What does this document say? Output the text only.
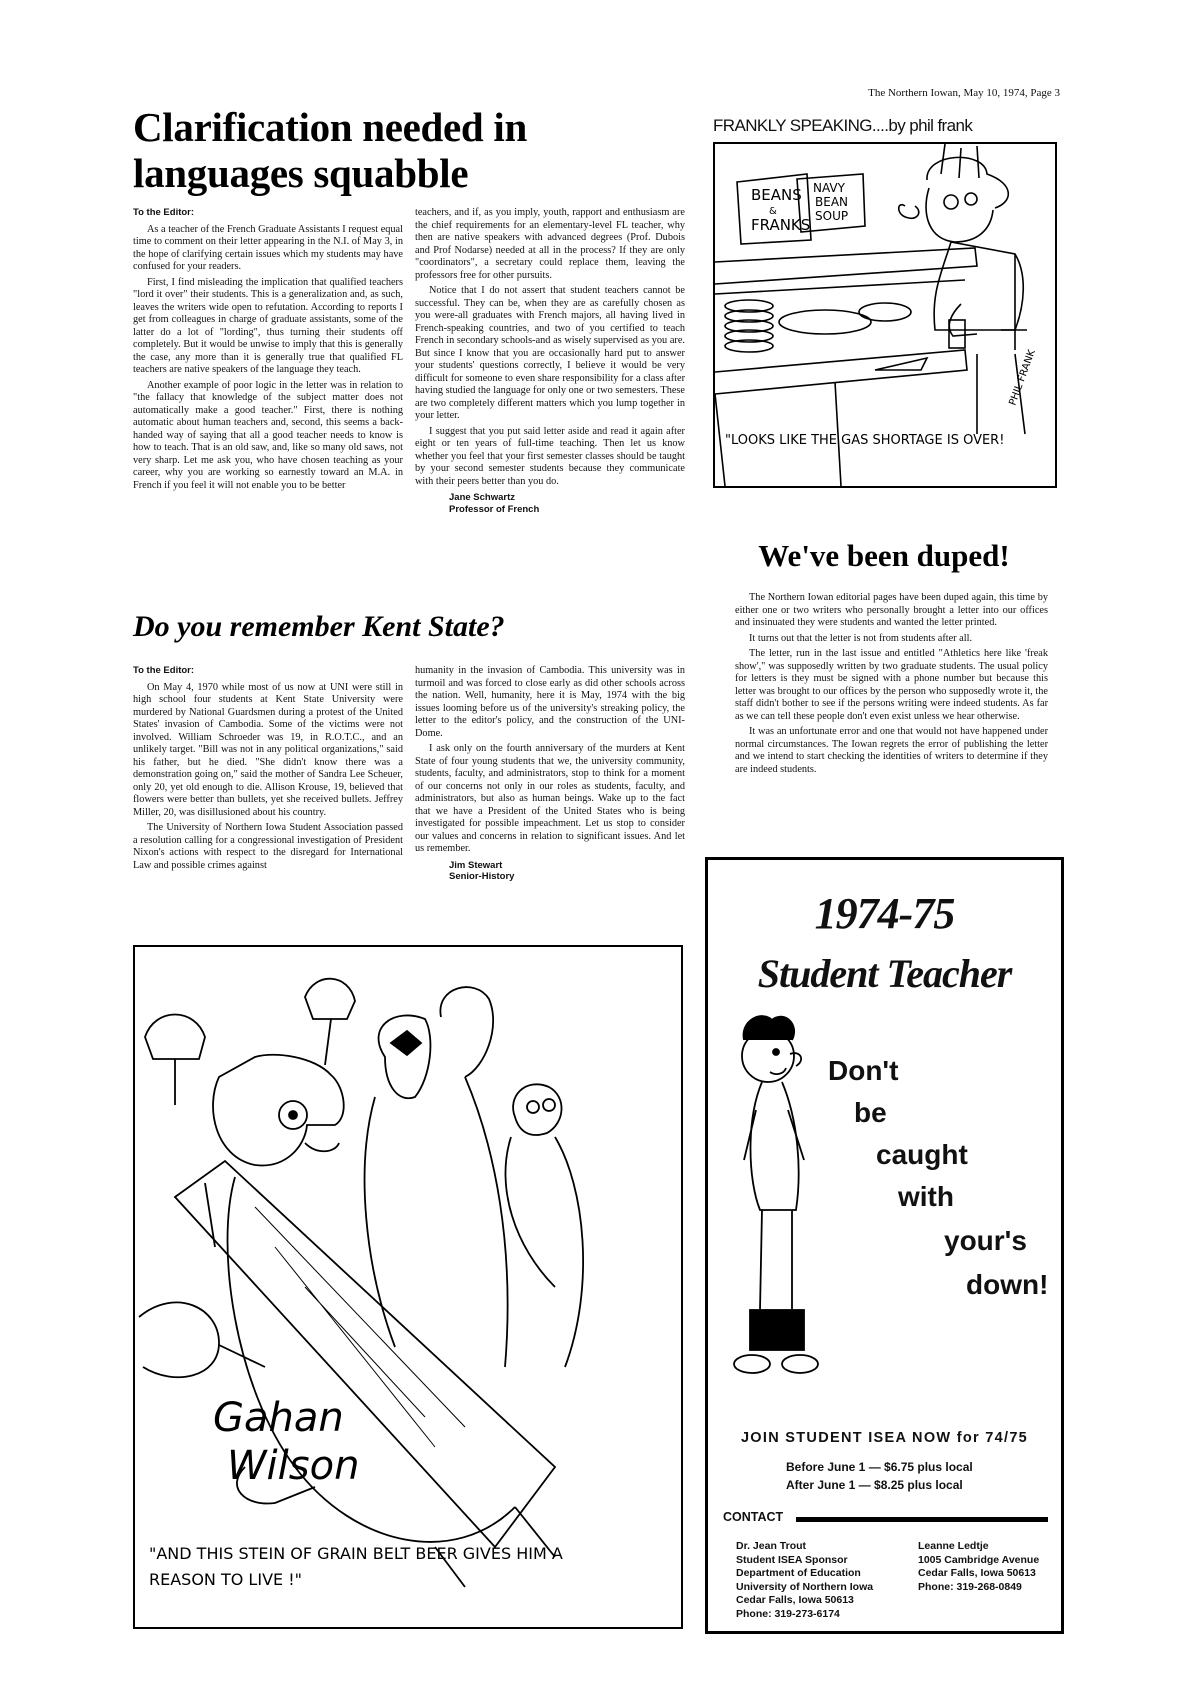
The Northern Iowan, May 10, 1974, Page 3
Clarification needed in languages squabble
To the Editor:

As a teacher of the French Graduate Assistants I request equal time to comment on their letter appearing in the N.I. of May 3, in the hope of clarifying certain issues which my students may have confused for your readers.

First, I find misleading the implication that qualified teachers "lord it over" their students. This is a generalization and, as such, leaves the writers wide open to refutation. According to reports I get from colleagues in charge of graduate assistants, some of the latter do a lot of "lording", thus turning their students off completely. But it would be unwise to imply that this is generally the case, any more than it is generally true that qualified FL teachers are native speakers of the language they teach.

Another example of poor logic in the letter was in relation to "the fallacy that knowledge of the subject matter does not automatically make a good teacher." First, there is nothing automatic about human teachers and, second, this seems a back-handed way of saying that all a good teacher needs to know is how to teach. That is an old saw, and, like so many old saws, not very sharp. Let me ask you, who have chosen teaching as your career, why you are working so earnestly toward an M.A. in French if you feel it will not enable you to be better

teachers, and if, as you imply, youth, rapport and enthusiasm are the chief requirements for an elementary-level FL teacher, why then are native speakers with advanced degrees (Prof. Dubois and Prof Nodarse) needed at all in the process? If they are only "coordinators", a secretary could replace them, leaving the professors free for other pursuits.

Notice that I do not assert that student teachers cannot be successful. They can be, when they are as carefully chosen as you were-all graduates with French majors, all having lived in French-speaking countries, and two of you certified to teach French in secondary schools-and as wisely supervised as you are. But since I know that you are occasionally hard put to answer your students' questions correctly, I believe it would be very difficult for someone to even share responsibility for a class after having studied the language for only one or two semesters. These are two completely different matters which you lump together in your letter.

I suggest that you put said letter aside and read it again after eight or ten years of full-time teaching. Then let us know whether you feel that your first semester classes should be taught by your second semester students because they communicate with their peers better than you do.

Jane Schwartz
Professor of French
Do you remember Kent State?
To the Editor:

On May 4, 1970 while most of us now at UNI were still in high school four students at Kent State University were murdered by National Guardsmen during a protest of the United States' invasion of Cambodia. Some of the victims were not involved. William Schroeder was 19, in R.O.T.C., and an unlikely target. "Bill was not in any political organizations," said his father, but he died. "She didn't know there was a demonstration going on," said the mother of Sandra Lee Scheuer, only 20, yet old enough to die. Allison Krouse, 19, believed that flowers were better than bullets, yet she received bullets. Jeffrey Miller, 20, was disillusioned about his country.

The University of Northern Iowa Student Association passed a resolution calling for a congressional investigation of President Nixon's actions with respect to the disregard for International Law and possible crimes against

humanity in the invasion of Cambodia. This university was in turmoil and was forced to close early as did other schools across the nation. Well, humanity, here it is May, 1974 with the big issues looming before us of the university's streaking policy, the letter to the editor's policy, and the construction of the UNI-Dome.

I ask only on the fourth anniversary of the murders at Kent State of four young students that we, the university community, students, faculty, and administrators, stop to think for a moment of our concerns not only in our roles as students, faculty, and administrators, but also as human beings. Wake up to the fact that we have a President of the United States who is being investigated for possible impeachment. Let us stop to consider our values and concerns in relation to significant issues. And let us remember.

Jim Stewart
Senior-History
FRANKLY SPEAKING....by phil frank
BEANS
&
FRANKS
NAVY
BEAN
SOUP
PHIL FRANK
"LOOKS LIKE THE GAS SHORTAGE IS OVER!
We've been duped!

The Northern Iowan editorial pages have been duped again, this time by either one or two writers who personally brought a letter into our offices and insinuated they were students and wanted the letter printed.

It turns out that the letter is not from students after all.

The letter, run in the last issue and entitled "Athletics here like 'freak show'," was supposedly written by two graduate students. The usual policy for letters is they must be signed with a phone number but because this letter was brought to our offices by the person who supposedly wrote it, the staff didn't bother to see if the persons writing were indeed students. As far as we can tell these people don't even exist unless we hear otherwise.

It was an unfortunate error and one that would not have happened under normal circumstances. The Iowan regrets the error of publishing the letter and we intend to start checking the identities of writers to determine if they are indeed students.

Gahan
Wilson
"AND THIS STEIN OF GRAIN BELT BEER GIVES HIM A
REASON TO LIVE !"
1974-75
Student Teacher
Don't
be
caught
with
your's
down!
JOIN STUDENT ISEA NOW for 74/75
Before June 1 — $6.75 plus local
After June 1 — $8.25 plus local
CONTACT
Dr. Jean Trout
Student ISEA Sponsor
Department of Education
University of Northern Iowa
Cedar Falls, Iowa 50613
Phone: 319-273-6174
Leanne Ledtje
1005 Cambridge Avenue
Cedar Falls, Iowa 50613
Phone: 319-268-0849
